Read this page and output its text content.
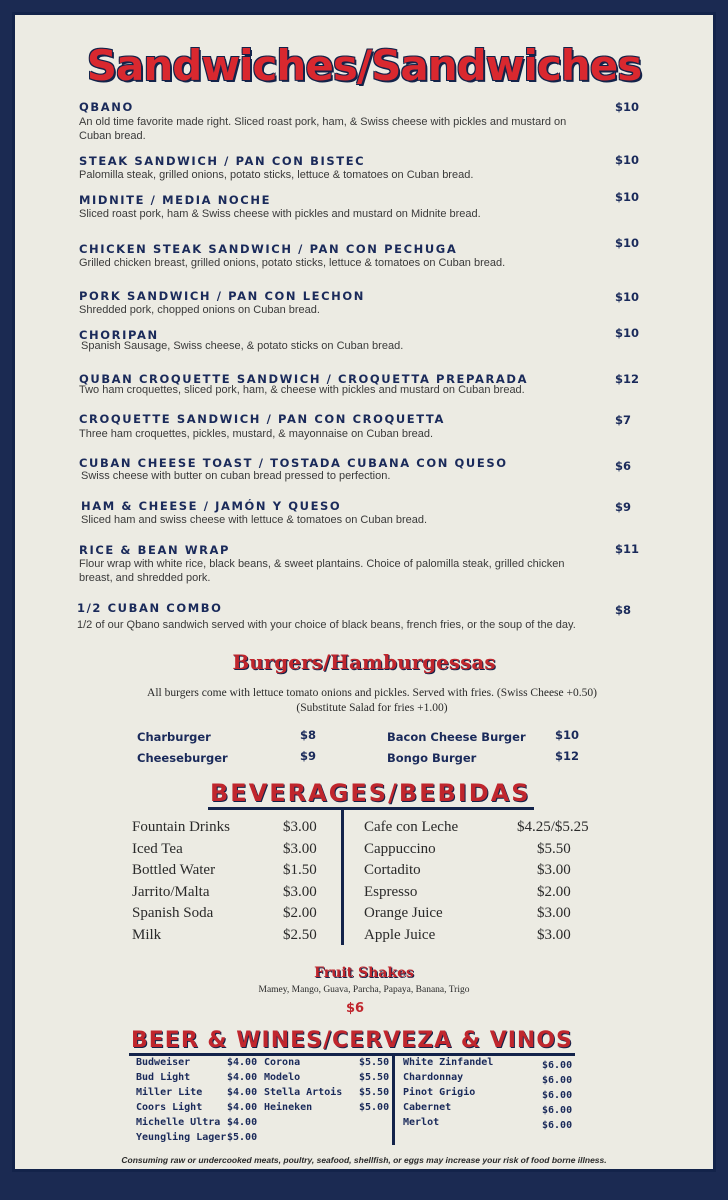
Sandwiches/Sandwiches
QBANO	$10
An old time favorite made right. Sliced roast pork, ham, & Swiss cheese with pickles and mustard on Cuban bread.
STEAK SANDWICH / PAN CON BISTEC	$10
Palomilla steak, grilled onions, potato sticks, lettuce & tomatoes on Cuban bread.
MIDNITE / MEDIA NOCHE	$10
Sliced roast pork, ham & Swiss cheese with pickles and mustard on Midnite bread.
CHICKEN STEAK SANDWICH / PAN CON PECHUGA	$10
Grilled chicken breast, grilled onions, potato sticks, lettuce & tomatoes on Cuban bread.
PORK SANDWICH / PAN CON LECHON	$10
Shredded pork, chopped onions on Cuban bread.
CHORIPAN	$10
Spanish Sausage, Swiss cheese, & potato sticks on Cuban bread.
QUBAN CROQUETTE SANDWICH / CROQUETTA PREPARADA	$12
Two ham croquettes, sliced pork, ham, & cheese with pickles and mustard on Cuban bread.
CROQUETTE SANDWICH / PAN CON CROQUETTA	$7
Three ham croquettes, pickles, mustard, & mayonnaise on Cuban bread.
CUBAN CHEESE TOAST / TOSTADA CUBANA CON QUESO	$6
Swiss cheese with butter on cuban bread pressed to perfection.
HAM & CHEESE / JAMÓN Y QUESO	$9
Sliced ham and swiss cheese with lettuce & tomatoes on Cuban bread.
RICE & BEAN WRAP	$11
Flour wrap with white rice, black beans, & sweet plantains. Choice of palomilla steak, grilled chicken breast, and shredded pork.
1/2 CUBAN COMBO	$8
1/2 of our Qbano sandwich served with your choice of black beans, french fries, or the soup of the day.
Burgers/Hamburgessas
All burgers come with lettuce tomato onions and pickles. Served with fries. (Swiss Cheese +0.50)
(Substitute Salad for fries +1.00)
Charburger	$8
Cheeseburger	$9
Bacon Cheese Burger	$10
Bongo Burger	$12
BEVERAGES/BEBIDAS
Fountain Drinks	$3.00
Iced Tea	$3.00
Bottled Water	$1.50
Jarrito/Malta	$3.00
Spanish Soda	$2.00
Milk	$2.50
Cafe con Leche	$4.25/$5.25
Cappuccino	$5.50
Cortadito	$3.00
Espresso	$2.00
Orange Juice	$3.00
Apple Juice	$3.00
Fruit Shakes
Mamey, Mango, Guava, Parcha, Papaya, Banana, Trigo
$6
BEER & WINES/CERVEZA & VINOS
Budweiser	$4.00
Bud Light	$4.00
Miller Lite $4.00
Coors Light $4.00
Michelle Ultra $4.00
Yeungling Lager $5.00
Corona	$5.50
Modelo	$5.50
Stella Artois $5.50
Heineken	$5.00
White Zinfandel	$6.00
Chardonnay	$6.00
Pinot Grigio	$6.00
Cabernet	$6.00
Merlot	$6.00
Consuming raw or undercooked meats, poultry, seafood, shellfish, or eggs may increase your risk of food borne illness.
